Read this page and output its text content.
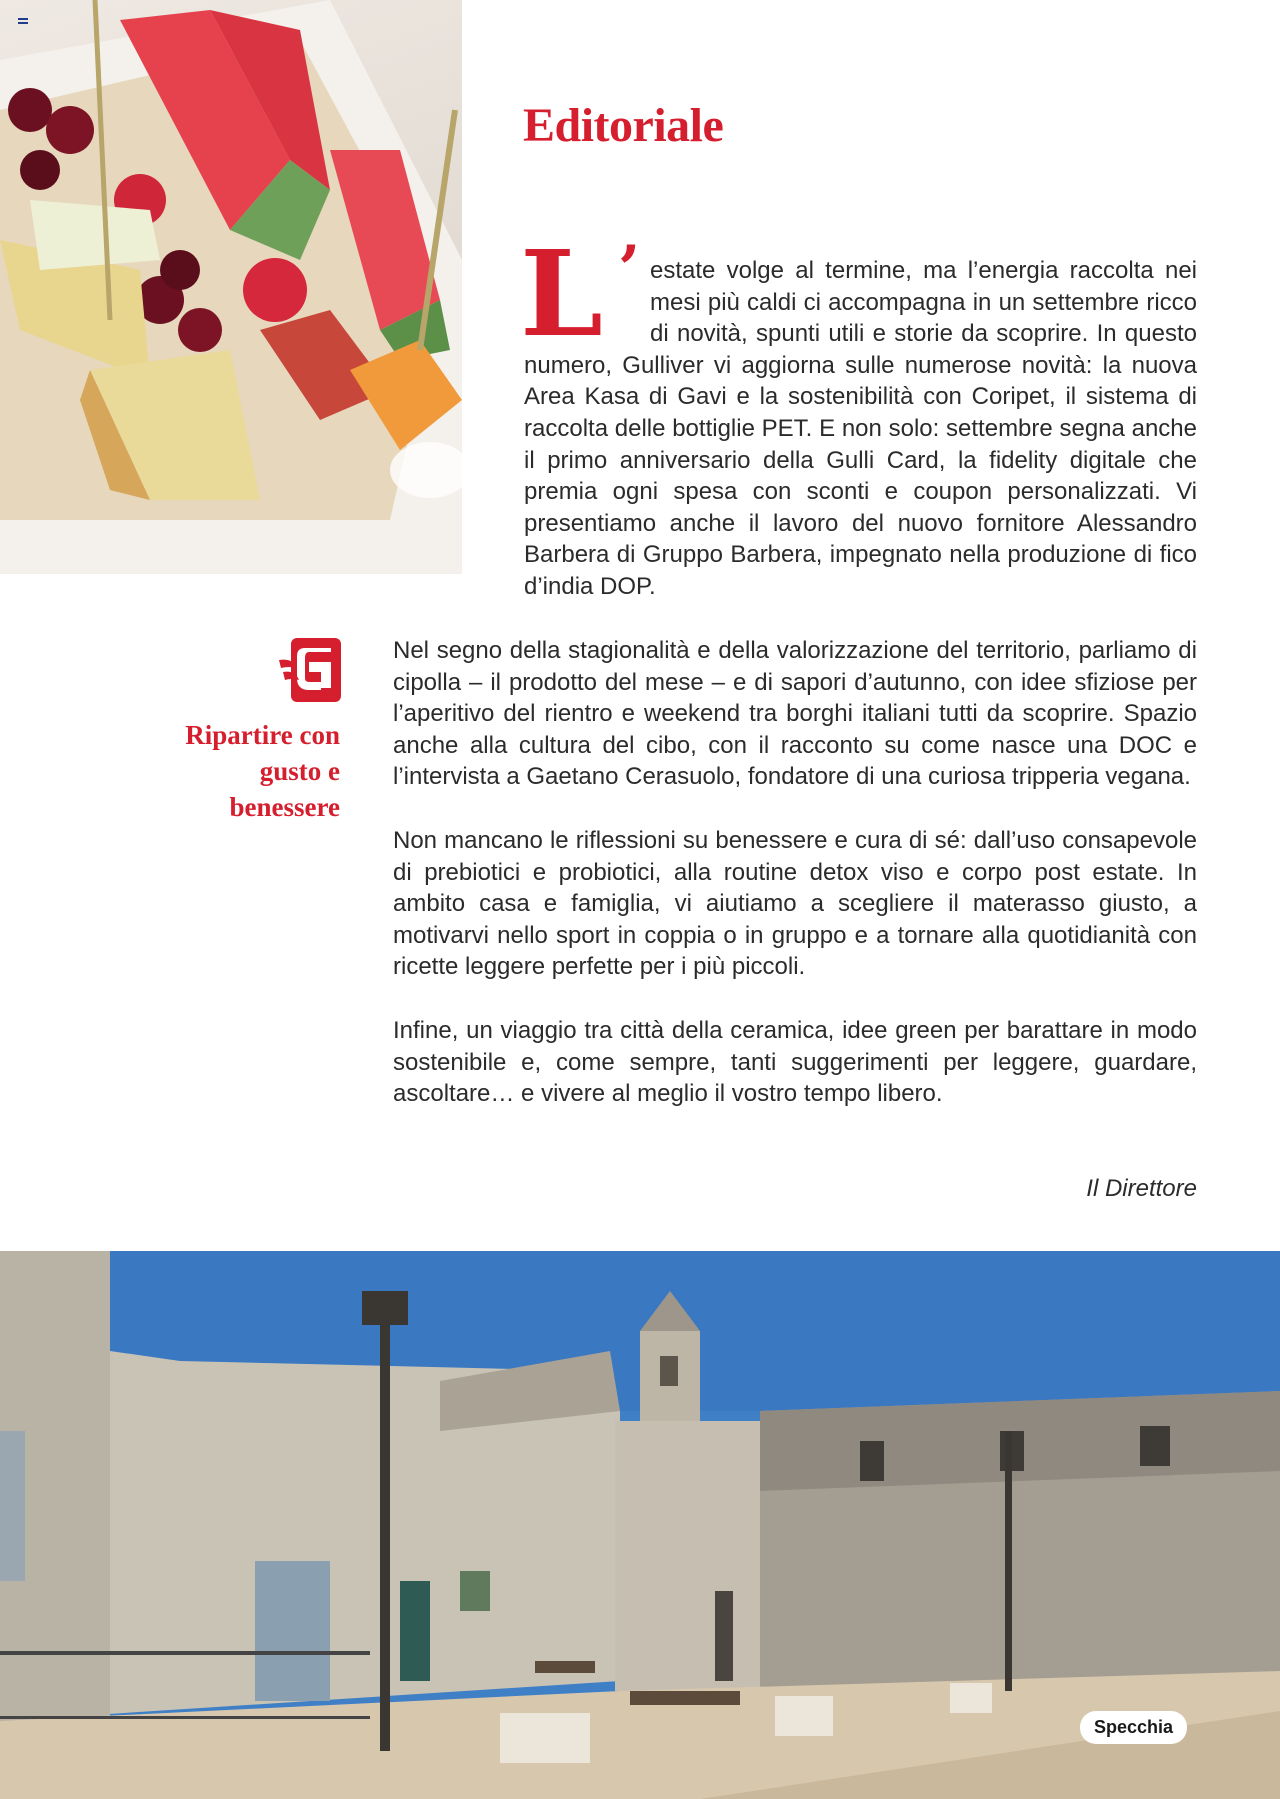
Editoriale
L ’ estate volge al termine, ma l’energia raccolta nei mesi più caldi ci accompagna in un settembre ricco di novità, spunti utili e storie da scoprire. In questo numero, Gulliver vi aggiorna sulle numerose novità: la nuova Area Kasa di Gavi e la sostenibilità con Coripet, il sistema di raccolta delle bottiglie PET. E non solo: settembre segna anche il primo anniversario della Gulli Card, la fidelity digitale che premia ogni spesa con sconti e coupon personalizzati. Vi presentiamo anche il lavoro del nuovo fornitore Alessandro Barbera di Gruppo Barbera, impegnato nella produzione di fico d’india DOP.

Ripartire con gusto e benessere

Nel segno della stagionalità e della valorizzazione del territorio, parliamo di cipolla – il prodotto del mese – e di sapori d’autunno, con idee sfiziose per l’aperitivo del rientro e weekend tra borghi italiani tutti da scoprire. Spazio anche alla cultura del cibo, con il racconto su come nasce una DOC e l’intervista a Gaetano Cerasuolo, fondatore di una curiosa tripperia vegana.

Non mancano le riflessioni su benessere e cura di sé: dall’uso consapevole di prebiotici e probiotici, alla routine detox viso e corpo post estate. In ambito casa e famiglia, vi aiutiamo a scegliere il materasso giusto, a motivarvi nello sport in coppia o in gruppo e a tornare alla quotidianità con ricette leggere perfette per i più piccoli.

Infine, un viaggio tra città della ceramica, idee green per barattare in modo sostenibile e, come sempre, tanti suggerimenti per leggere, guardare, ascoltare… e vivere al meglio il vostro tempo libero.

Il Direttore
Specchia
